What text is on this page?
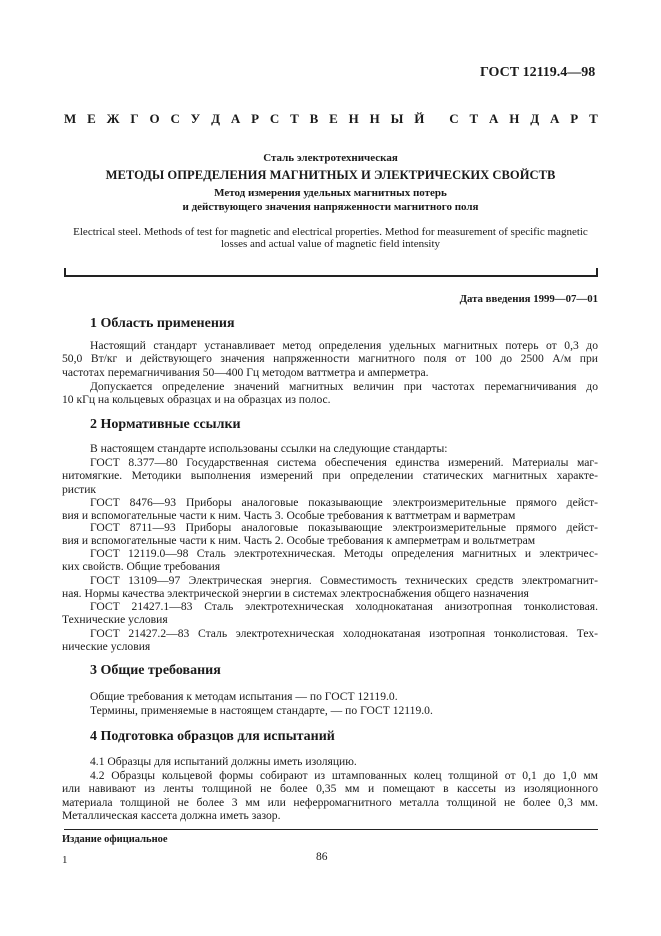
ГОСТ 12119.4—98
М Е Ж Г О С У Д А Р С Т В Е Н Н Ы Й
С Т А Н Д А Р Т
Сталь электротехническая
МЕТОДЫ ОПРЕДЕЛЕНИЯ МАГНИТНЫХ И ЭЛЕКТРИЧЕСКИХ СВОЙСТВ
Метод измерения удельных магнитных потерь
и действующего значения напряженности магнитного поля
Electrical steel. Methods of test for magnetic and electrical properties. Method for measurement of specific magnetic
losses and actual value of magnetic field intensity
Дата введения 1999—07—01
1 Область применения
Настоящий стандарт устанавливает метод определения удельных магнитных потерь от 0,3 до
50,0 Вт/кг и действующего значения напряженности магнитного поля от 100 до 2500 А/м при
частотах перемагничивания 50—400 Гц методом ваттметра и амперметра.
Допускается определение значений магнитных величин при частотах перемагничивания до
10 кГц на кольцевых образцах и на образцах из полос.
2 Нормативные ссылки
В настоящем стандарте использованы ссылки на следующие стандарты:
ГОСТ 8.377—80 Государственная система обеспечения единства измерений. Материалы маг-
нитомягкие. Методики выполнения измерений при определении статических магнитных характе-
ристик
ГОСТ 8476—93 Приборы аналоговые показывающие электроизмерительные прямого дейст-
вия и вспомогательные части к ним. Часть 3. Особые требования к ваттметрам и варметрам
ГОСТ 8711—93 Приборы аналоговые показывающие электроизмерительные прямого дейст-
вия и вспомогательные части к ним. Часть 2. Особые требования к амперметрам и вольтметрам
ГОСТ 12119.0—98 Сталь электротехническая. Методы определения магнитных и электричес-
ких свойств. Общие требования
ГОСТ 13109—97 Электрическая энергия. Совместимость технических средств электромагнит-
ная. Нормы качества электрической энергии в системах электроснабжения общего назначения
ГОСТ 21427.1—83 Сталь электротехническая холоднокатаная анизотропная тонколистовая.
Технические условия
ГОСТ 21427.2—83 Сталь электротехническая холоднокатаная изотропная тонколистовая. Тех-
нические условия
3 Общие требования
Общие требования к методам испытания — по ГОСТ 12119.0.
Термины, применяемые в настоящем стандарте, — по ГОСТ 12119.0.
4 Подготовка образцов для испытаний
4.1 Образцы для испытаний должны иметь изоляцию.
4.2 Образцы кольцевой формы собирают из штампованных колец толщиной от 0,1 до 1,0 мм
или навивают из ленты толщиной не более 0,35 мм и помещают в кассеты из изоляционного
материала толщиной не более 3 мм или неферромагнитного металла толщиной не более 0,3 мм.
Металлическая кассета должна иметь зазор.
Издание официальное
1	86
